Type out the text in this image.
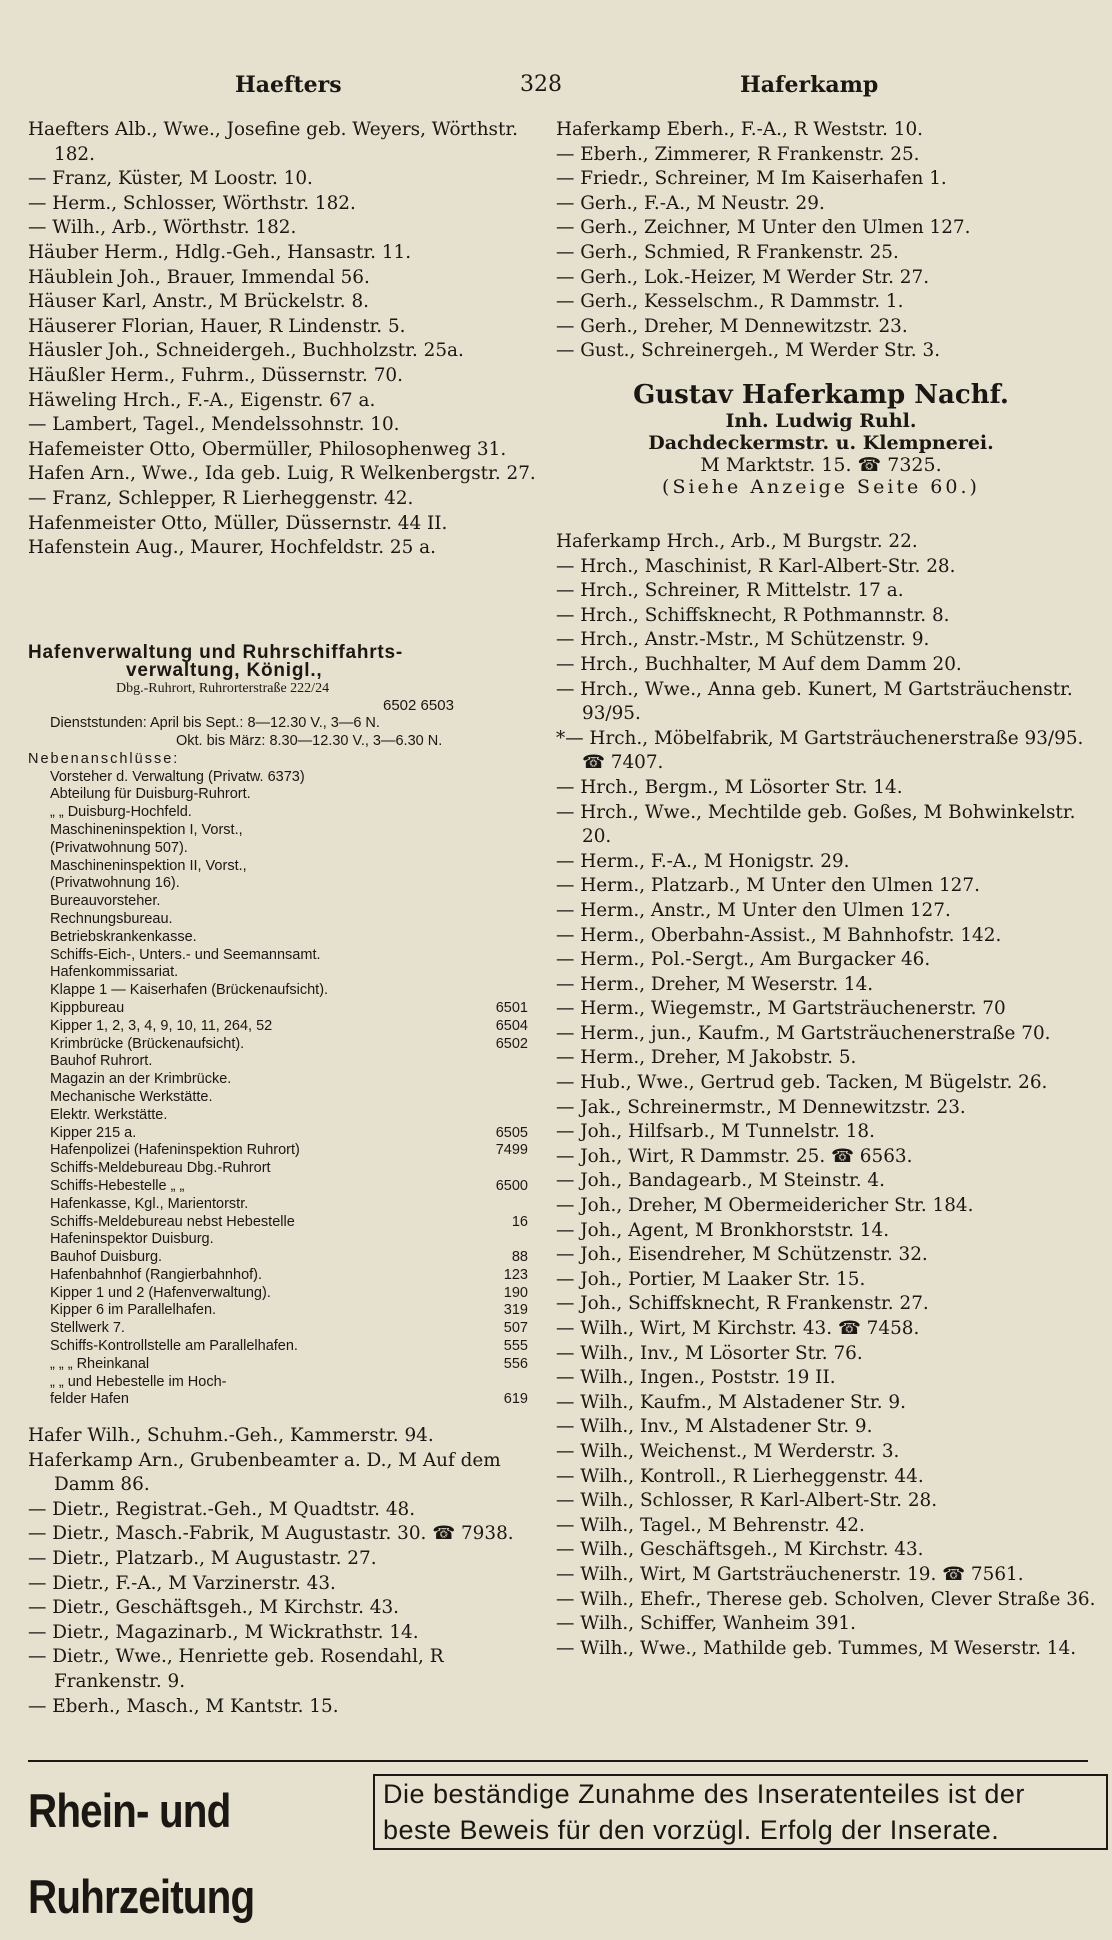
Haefters	328	Haferkamp

Haefters Alb., Wwe., Josefine geb. Weyers, Wörthstr. 182.

— Franz, Küster, M Loostr. 10.

— Herm., Schlosser, Wörthstr. 182.

— Wilh., Arb., Wörthstr. 182.

Häuber Herm., Hdlg.-Geh., Hansastr. 11.

Häublein Joh., Brauer, Immendal 56.

Häuser Karl, Anstr., M Brückelstr. 8.

Häuserer Florian, Hauer, R Lindenstr. 5.

Häusler Joh., Schneidergeh., Buchholzstr. 25a.

Häußler Herm., Fuhrm., Düssernstr. 70.

Häweling Hrch., F.-A., Eigenstr. 67 a.

— Lambert, Tagel., Mendelssohnstr. 10.

Hafemeister Otto, Obermüller, Philosophenweg 31.

Hafen Arn., Wwe., Ida geb. Luig, R Welkenbergstr. 27.

— Franz, Schlepper, R Lierheggenstr. 42.

Hafenmeister Otto, Müller, Düssernstr. 44 II.

Hafenstein Aug., Maurer, Hochfeldstr. 25 a.

Hafenverwaltung und Ruhrschiffahrts-
verwaltung, Königl.,
Dbg.-Ruhrort, Ruhrorterstraße 222/24
6502 6503
Dienststunden: April bis Sept.: 8—12.30 V., 3—6 N.
Okt. bis März: 8.30—12.30 V., 3—6.30 N.
Nebenanschlüsse:
Vorsteher d. Verwaltung (Privatw. 6373)
Abteilung für Duisburg-Ruhrort.
„ „ Duisburg-Hochfeld.
Maschineninspektion I, Vorst.,
(Privatwohnung 507).
Maschineninspektion II, Vorst.,
(Privatwohnung 16).
Bureauvorsteher.
Rechnungsbureau.
Betriebskrankenkasse.
Schiffs-Eich-, Unters.- und Seemannsamt.
Hafenkommissariat.
Klappe 1 — Kaiserhafen (Brückenaufsicht).
Kippbureau	6501
Kipper 1, 2, 3, 4, 9, 10, 11, 264, 52	6504
Krimbrücke (Brückenaufsicht).	6502
Bauhof Ruhrort.
Magazin an der Krimbrücke.
Mechanische Werkstätte.
Elektr. Werkstätte.
Kipper 215 a.	6505
Hafenpolizei (Hafeninspektion Ruhrort)	7499
Schiffs-Meldebureau Dbg.-Ruhrort
Schiffs-Hebestelle „ „	6500
Hafenkasse, Kgl., Marientorstr.
Schiffs-Meldebureau nebst Hebestelle	16
Hafeninspektor Duisburg.
Bauhof Duisburg.	88
Hafenbahnhof (Rangierbahnhof).	123
Kipper 1 und 2 (Hafenverwaltung).	190
Kipper 6 im Parallelhafen.	319
Stellwerk 7.	507
Schiffs-Kontrollstelle am Parallelhafen.	555
„ „ „ Rheinkanal	556
„ „ und Hebestelle im Hoch-
felder Hafen	619

Hafer Wilh., Schuhm.-Geh., Kammerstr. 94.

Haferkamp Arn., Grubenbeamter a. D., M Auf dem Damm 86.

— Dietr., Registrat.-Geh., M Quadtstr. 48.

— Dietr., Masch.-Fabrik, M Augustastr. 30. ☎ 7938.

— Dietr., Platzarb., M Augustastr. 27.

— Dietr., F.-A., M Varzinerstr. 43.

— Dietr., Geschäftsgeh., M Kirchstr. 43.

— Dietr., Magazinarb., M Wickrathstr. 14.

— Dietr., Wwe., Henriette geb. Rosendahl, R Frankenstr. 9.

— Eberh., Masch., M Kantstr. 15.

Haferkamp Eberh., F.-A., R Weststr. 10.

— Eberh., Zimmerer, R Frankenstr. 25.

— Friedr., Schreiner, M Im Kaiserhafen 1.

— Gerh., F.-A., M Neustr. 29.

— Gerh., Zeichner, M Unter den Ulmen 127.

— Gerh., Schmied, R Frankenstr. 25.

— Gerh., Lok.-Heizer, M Werder Str. 27.

— Gerh., Kesselschm., R Dammstr. 1.

— Gerh., Dreher, M Dennewitzstr. 23.

— Gust., Schreinergeh., M Werder Str. 3.

Gustav Haferkamp Nachf.
Inh. Ludwig Ruhl.
Dachdeckermstr. u. Klempnerei.
M Marktstr. 15. ☎ 7325.
(Siehe Anzeige Seite 60.)

Haferkamp Hrch., Arb., M Burgstr. 22.

— Hrch., Maschinist, R Karl-Albert-Str. 28.

— Hrch., Schreiner, R Mittelstr. 17 a.

— Hrch., Schiffsknecht, R Pothmannstr. 8.

— Hrch., Anstr.-Mstr., M Schützenstr. 9.

— Hrch., Buchhalter, M Auf dem Damm 20.

— Hrch., Wwe., Anna geb. Kunert, M Gartsträuchenstr. 93/95.

*— Hrch., Möbelfabrik, M Gartsträuchenerstraße 93/95. ☎ 7407.

— Hrch., Bergm., M Lösorter Str. 14.

— Hrch., Wwe., Mechtilde geb. Goßes, M Bohwinkelstr. 20.

— Herm., F.-A., M Honigstr. 29.

— Herm., Platzarb., M Unter den Ulmen 127.

— Herm., Anstr., M Unter den Ulmen 127.

— Herm., Oberbahn-Assist., M Bahnhofstr. 142.

— Herm., Pol.-Sergt., Am Burgacker 46.

— Herm., Dreher, M Weserstr. 14.

— Herm., Wiegemstr., M Gartsträuchenerstr. 70

— Herm., jun., Kaufm., M Gartsträuchenerstraße 70.

— Herm., Dreher, M Jakobstr. 5.

— Hub., Wwe., Gertrud geb. Tacken, M Bügelstr. 26.

— Jak., Schreinermstr., M Dennewitzstr. 23.

— Joh., Hilfsarb., M Tunnelstr. 18.

— Joh., Wirt, R Dammstr. 25. ☎ 6563.

— Joh., Bandagearb., M Steinstr. 4.

— Joh., Dreher, M Obermeidericher Str. 184.

— Joh., Agent, M Bronkhorststr. 14.

— Joh., Eisendreher, M Schützenstr. 32.

— Joh., Portier, M Laaker Str. 15.

— Joh., Schiffsknecht, R Frankenstr. 27.

— Wilh., Wirt, M Kirchstr. 43. ☎ 7458.

— Wilh., Inv., M Lösorter Str. 76.

— Wilh., Ingen., Poststr. 19 II.

— Wilh., Kaufm., M Alstadener Str. 9.

— Wilh., Inv., M Alstadener Str. 9.

— Wilh., Weichenst., M Werderstr. 3.

— Wilh., Kontroll., R Lierheggenstr. 44.

— Wilh., Schlosser, R Karl-Albert-Str. 28.

— Wilh., Tagel., M Behrenstr. 42.

— Wilh., Geschäftsgeh., M Kirchstr. 43.

— Wilh., Wirt, M Gartsträuchenerstr. 19. ☎ 7561.

— Wilh., Ehefr., Therese geb. Scholven, Clever Straße 36.

— Wilh., Schiffer, Wanheim 391.

— Wilh., Wwe., Mathilde geb. Tummes, M Weserstr. 14.

Rhein- und Ruhrzeitung
Die beständige Zunahme des Inseratenteiles ist der
beste Beweis für den vorzügl. Erfolg der Inserate.
